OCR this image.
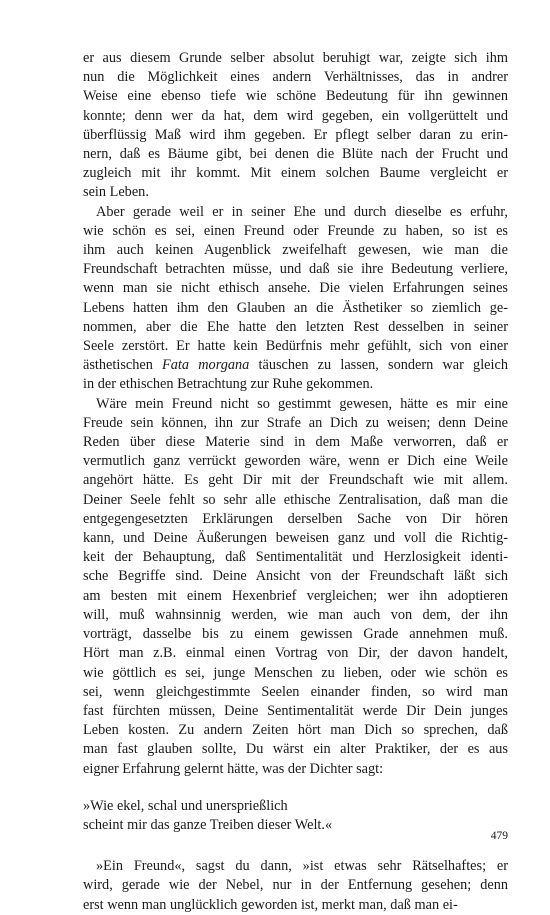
er aus diesem Grunde selber absolut beruhigt war, zeigte sich ihm
nun die Möglichkeit eines andern Verhältnisses, das in andrer
Weise eine ebenso tiefe wie schöne Bedeutung für ihn gewinnen
konnte; denn wer da hat, dem wird gegeben, ein vollgerüttelt und
überflüssig Maß wird ihm gegeben. Er pflegt selber daran zu erin-
nern, daß es Bäume gibt, bei denen die Blüte nach der Frucht und
zugleich mit ihr kommt. Mit einem solchen Baume vergleicht er
sein Leben.

Aber gerade weil er in seiner Ehe und durch dieselbe es erfuhr,
wie schön es sei, einen Freund oder Freunde zu haben, so ist es
ihm auch keinen Augenblick zweifelhaft gewesen, wie man die
Freundschaft betrachten müsse, und daß sie ihre Bedeutung verliere,
wenn man sie nicht ethisch ansehe. Die vielen Erfahrungen seines
Lebens hatten ihm den Glauben an die Ästhetiker so ziemlich ge-
nommen, aber die Ehe hatte den letzten Rest desselben in seiner
Seele zerstört. Er hatte kein Bedürfnis mehr gefühlt, sich von einer
ästhetischen Fata morgana täuschen zu lassen, sondern war gleich
in der ethischen Betrachtung zur Ruhe gekommen.

Wäre mein Freund nicht so gestimmt gewesen, hätte es mir eine
Freude sein können, ihn zur Strafe an Dich zu weisen; denn Deine
Reden über diese Materie sind in dem Maße verworren, daß er
vermutlich ganz verrückt geworden wäre, wenn er Dich eine Weile
angehört hätte. Es geht Dir mit der Freundschaft wie mit allem.
Deiner Seele fehlt so sehr alle ethische Zentralisation, daß man die
entgegengesetzten Erklärungen derselben Sache von Dir hören
kann, und Deine Äußerungen beweisen ganz und voll die Richtig-
keit der Behauptung, daß Sentimentalität und Herzlosigkeit identi-
sche Begriffe sind. Deine Ansicht von der Freundschaft läßt sich
am besten mit einem Hexenbrief vergleichen; wer ihn adoptieren
will, muß wahnsinnig werden, wie man auch von dem, der ihn
vorträgt, dasselbe bis zu einem gewissen Grade annehmen muß.
Hört man z.B. einmal einen Vortrag von Dir, der davon handelt,
wie göttlich es sei, junge Menschen zu lieben, oder wie schön es
sei, wenn gleichgestimmte Seelen einander finden, so wird man
fast fürchten müssen, Deine Sentimentalität werde Dir Dein junges
Leben kosten. Zu andern Zeiten hört man Dich so sprechen, daß
man fast glauben sollte, Du wärst ein alter Praktiker, der es aus
eigner Erfahrung gelernt hätte, was der Dichter sagt:

»Wie ekel, schal und unersprießlich
scheint mir das ganze Treiben dieser Welt.«

»Ein Freund«, sagst du dann, »ist etwas sehr Rätselhaftes; er
wird, gerade wie der Nebel, nur in der Entfernung gesehen; denn
erst wenn man unglücklich geworden ist, merkt man, daß man ei-

479
